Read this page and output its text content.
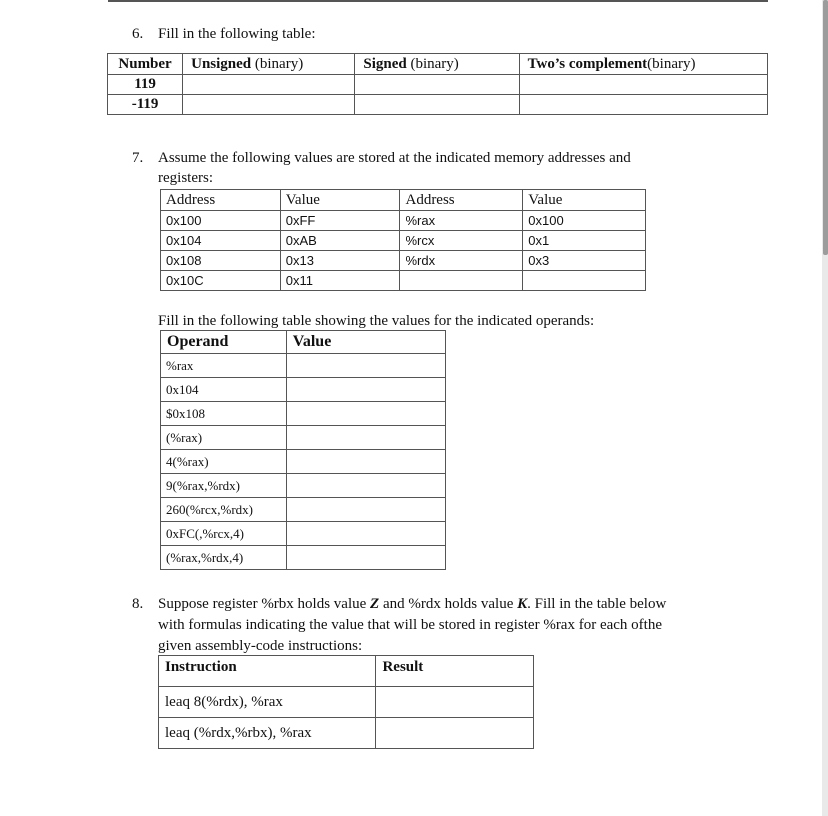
6. Fill in the following table:
Number	Unsigned (binary)	Signed (binary)	Two’s complement(binary)
119			
-119			
7. Assume the following values are stored at the indicated memory addresses and
registers:
Address	Value	Address	Value
0x100	0xFF	%rax	0x100
0x104	0xAB	%rcx	0x1
0x108	0x13	%rdx	0x3
0x10C	0x11		
Fill in the following table showing the values for the indicated operands:
Operand	Value
%rax	
0x104	
$0x108	
(%rax)	
4(%rax)	
9(%rax,%rdx)	
260(%rcx,%rdx)	
0xFC(,%rcx,4)	
(%rax,%rdx,4)	
8. Suppose register %rbx holds value Z and %rdx holds value K. Fill in the table below
with formulas indicating the value that will be stored in register %rax for each ofthe
given assembly-code instructions:
Instruction	Result
leaq 8(%rdx), %rax	
leaq (%rdx,%rbx), %rax	
